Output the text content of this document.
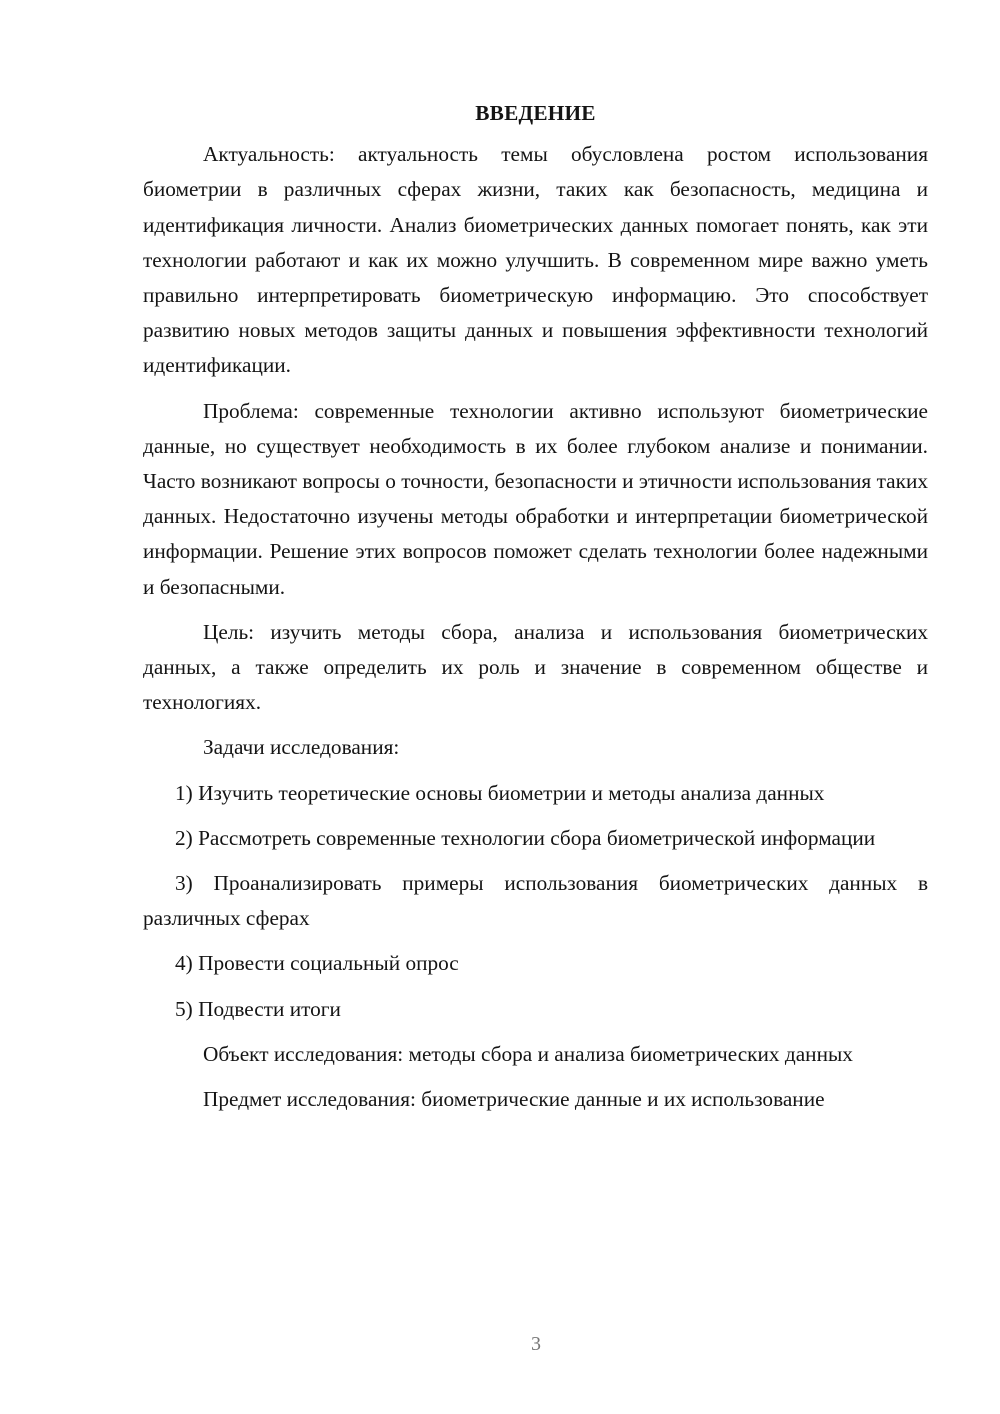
ВВЕДЕНИЕ
Актуальность: актуальность темы обусловлена ростом использования биометрии в различных сферах жизни, таких как безопасность, медицина и идентификация личности. Анализ биометрических данных помогает понять, как эти технологии работают и как их можно улучшить. В современном мире важно уметь правильно интерпретировать биометрическую информацию. Это способствует развитию новых методов защиты данных и повышения эффективности технологий идентификации.
Проблема: современные технологии активно используют биометрические данные, но существует необходимость в их более глубоком анализе и понимании. Часто возникают вопросы о точности, безопасности и этичности использования таких данных. Недостаточно изучены методы обработки и интерпретации биометрической информации. Решение этих вопросов поможет сделать технологии более надежными и безопасными.
Цель: изучить методы сбора, анализа и использования биометрических данных, а также определить их роль и значение в современном обществе и технологиях.
Задачи исследования:
1) Изучить теоретические основы биометрии и методы анализа данных
2) Рассмотреть современные технологии сбора биометрической информации
3) Проанализировать примеры использования биометрических данных в различных сферах
4) Провести социальный опрос
5) Подвести итоги
Объект исследования: методы сбора и анализа биометрических данных
Предмет исследования: биометрические данные и их использование
3
